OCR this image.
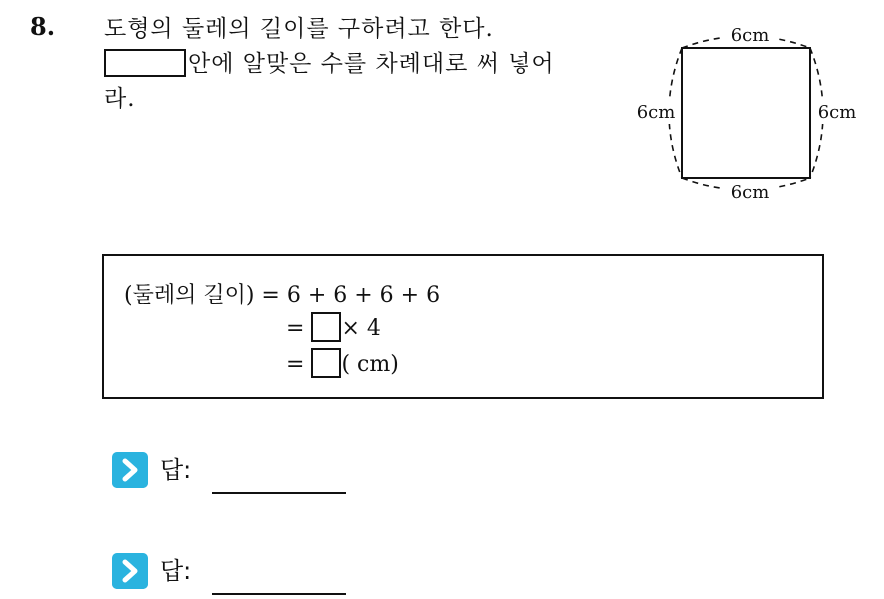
8. 도형의 둘레의 길이를 구하려고 한다.
안에 알맞은 수를 차례대로 써 넣어
라.
6cm
6cm
6cm	6cm
(둘레의 길이) = 6 + 6 + 6 + 6
= × 4
= ( cm)
답:
답:
